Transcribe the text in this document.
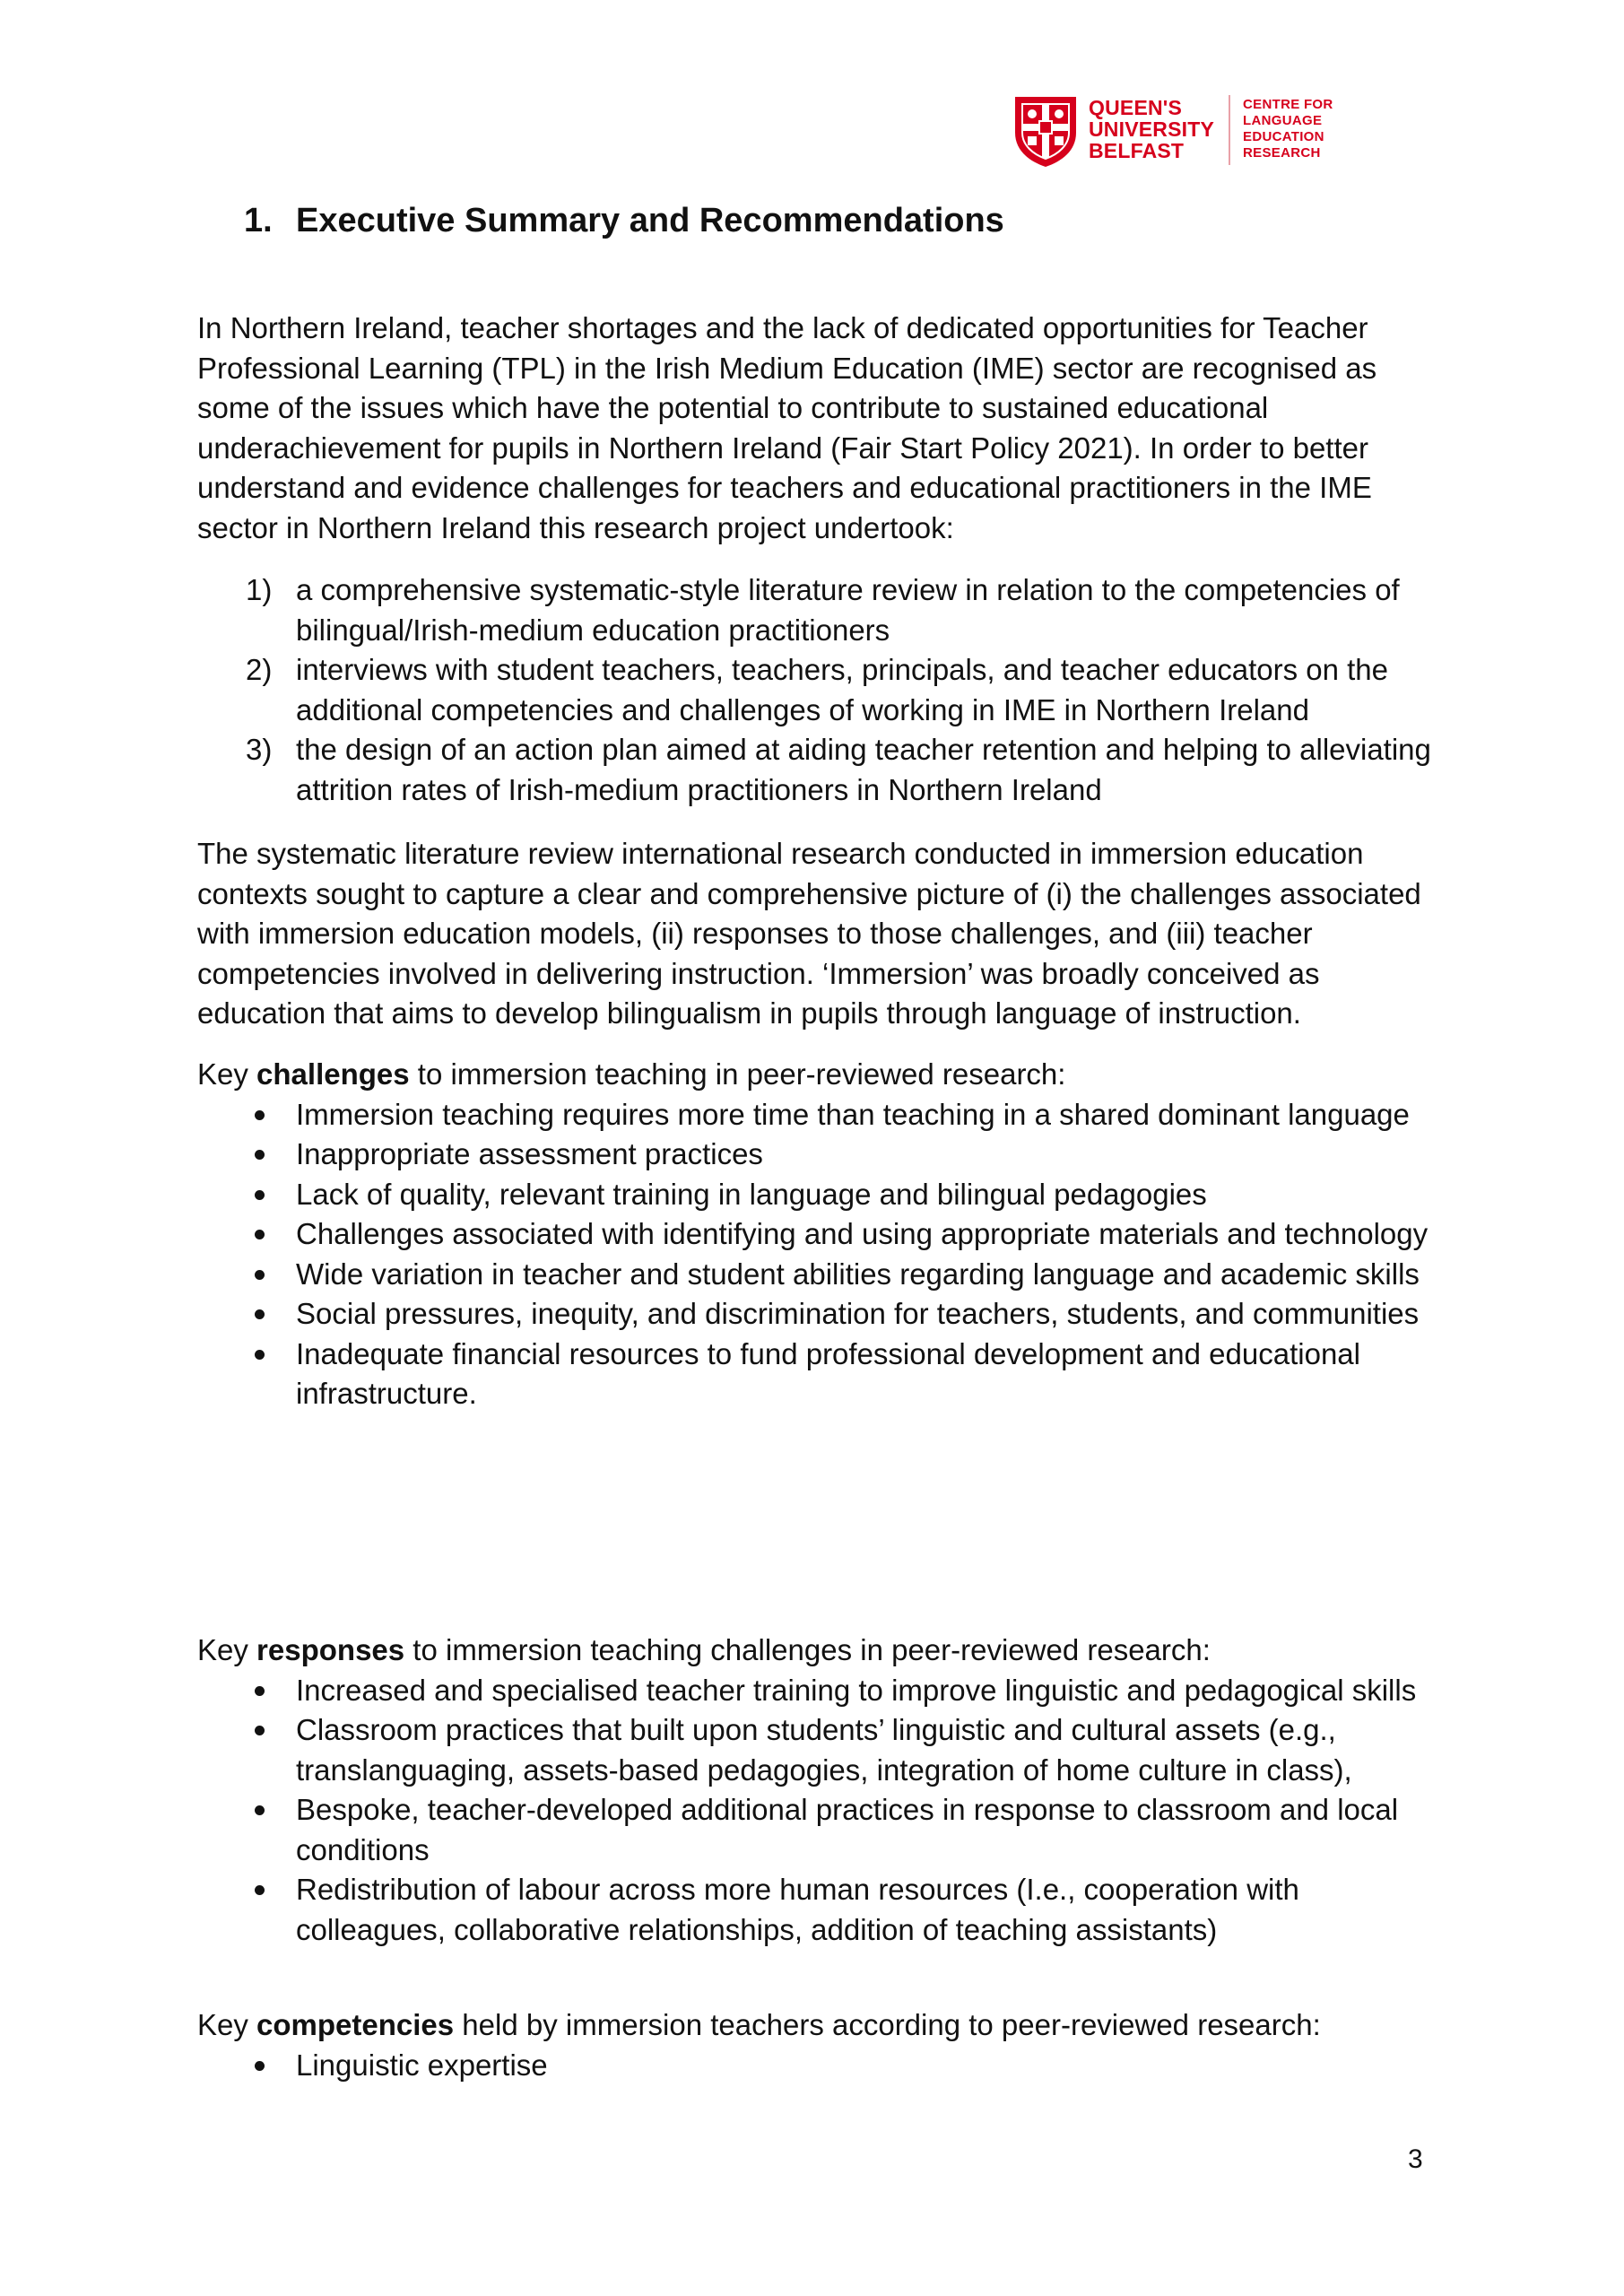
QUEEN'S
UNIVERSITY
BELFAST
CENTRE FOR
LANGUAGE
EDUCATION
RESEARCH
1. Executive Summary and Recommendations

In Northern Ireland, teacher shortages and the lack of dedicated opportunities for Teacher Professional Learning (TPL) in the Irish Medium Education (IME) sector are recognised as some of the issues which have the potential to contribute to sustained educational underachievement for pupils in Northern Ireland (Fair Start Policy 2021). In order to better understand and evidence challenges for teachers and educational practitioners in the IME sector in Northern Ireland this research project undertook:

1) a comprehensive systematic-style literature review in relation to the competencies of bilingual/Irish-medium education practitioners
2) interviews with student teachers, teachers, principals, and teacher educators on the additional competencies and challenges of working in IME in Northern Ireland
3) the design of an action plan aimed at aiding teacher retention and helping to alleviating attrition rates of Irish-medium practitioners in Northern Ireland

The systematic literature review international research conducted in immersion education contexts sought to capture a clear and comprehensive picture of (i) the challenges associated with immersion education models, (ii) responses to those challenges, and (iii) teacher competencies involved in delivering instruction. ‘Immersion’ was broadly conceived as education that aims to develop bilingualism in pupils through language of instruction.

Key challenges to immersion teaching in peer-reviewed research:

Immersion teaching requires more time than teaching in a shared dominant language
Inappropriate assessment practices
Lack of quality, relevant training in language and bilingual pedagogies
Challenges associated with identifying and using appropriate materials and technology
Wide variation in teacher and student abilities regarding language and academic skills
Social pressures, inequity, and discrimination for teachers, students, and communities
Inadequate financial resources to fund professional development and educational infrastructure.

Key responses to immersion teaching challenges in peer-reviewed research:

Increased and specialised teacher training to improve linguistic and pedagogical skills
Classroom practices that built upon students’ linguistic and cultural assets (e.g., translanguaging, assets-based pedagogies, integration of home culture in class),
Bespoke, teacher-developed additional practices in response to classroom and local conditions
Redistribution of labour across more human resources (I.e., cooperation with colleagues, collaborative relationships, addition of teaching assistants)

Key competencies held by immersion teachers according to peer-reviewed research:

Linguistic expertise
3
